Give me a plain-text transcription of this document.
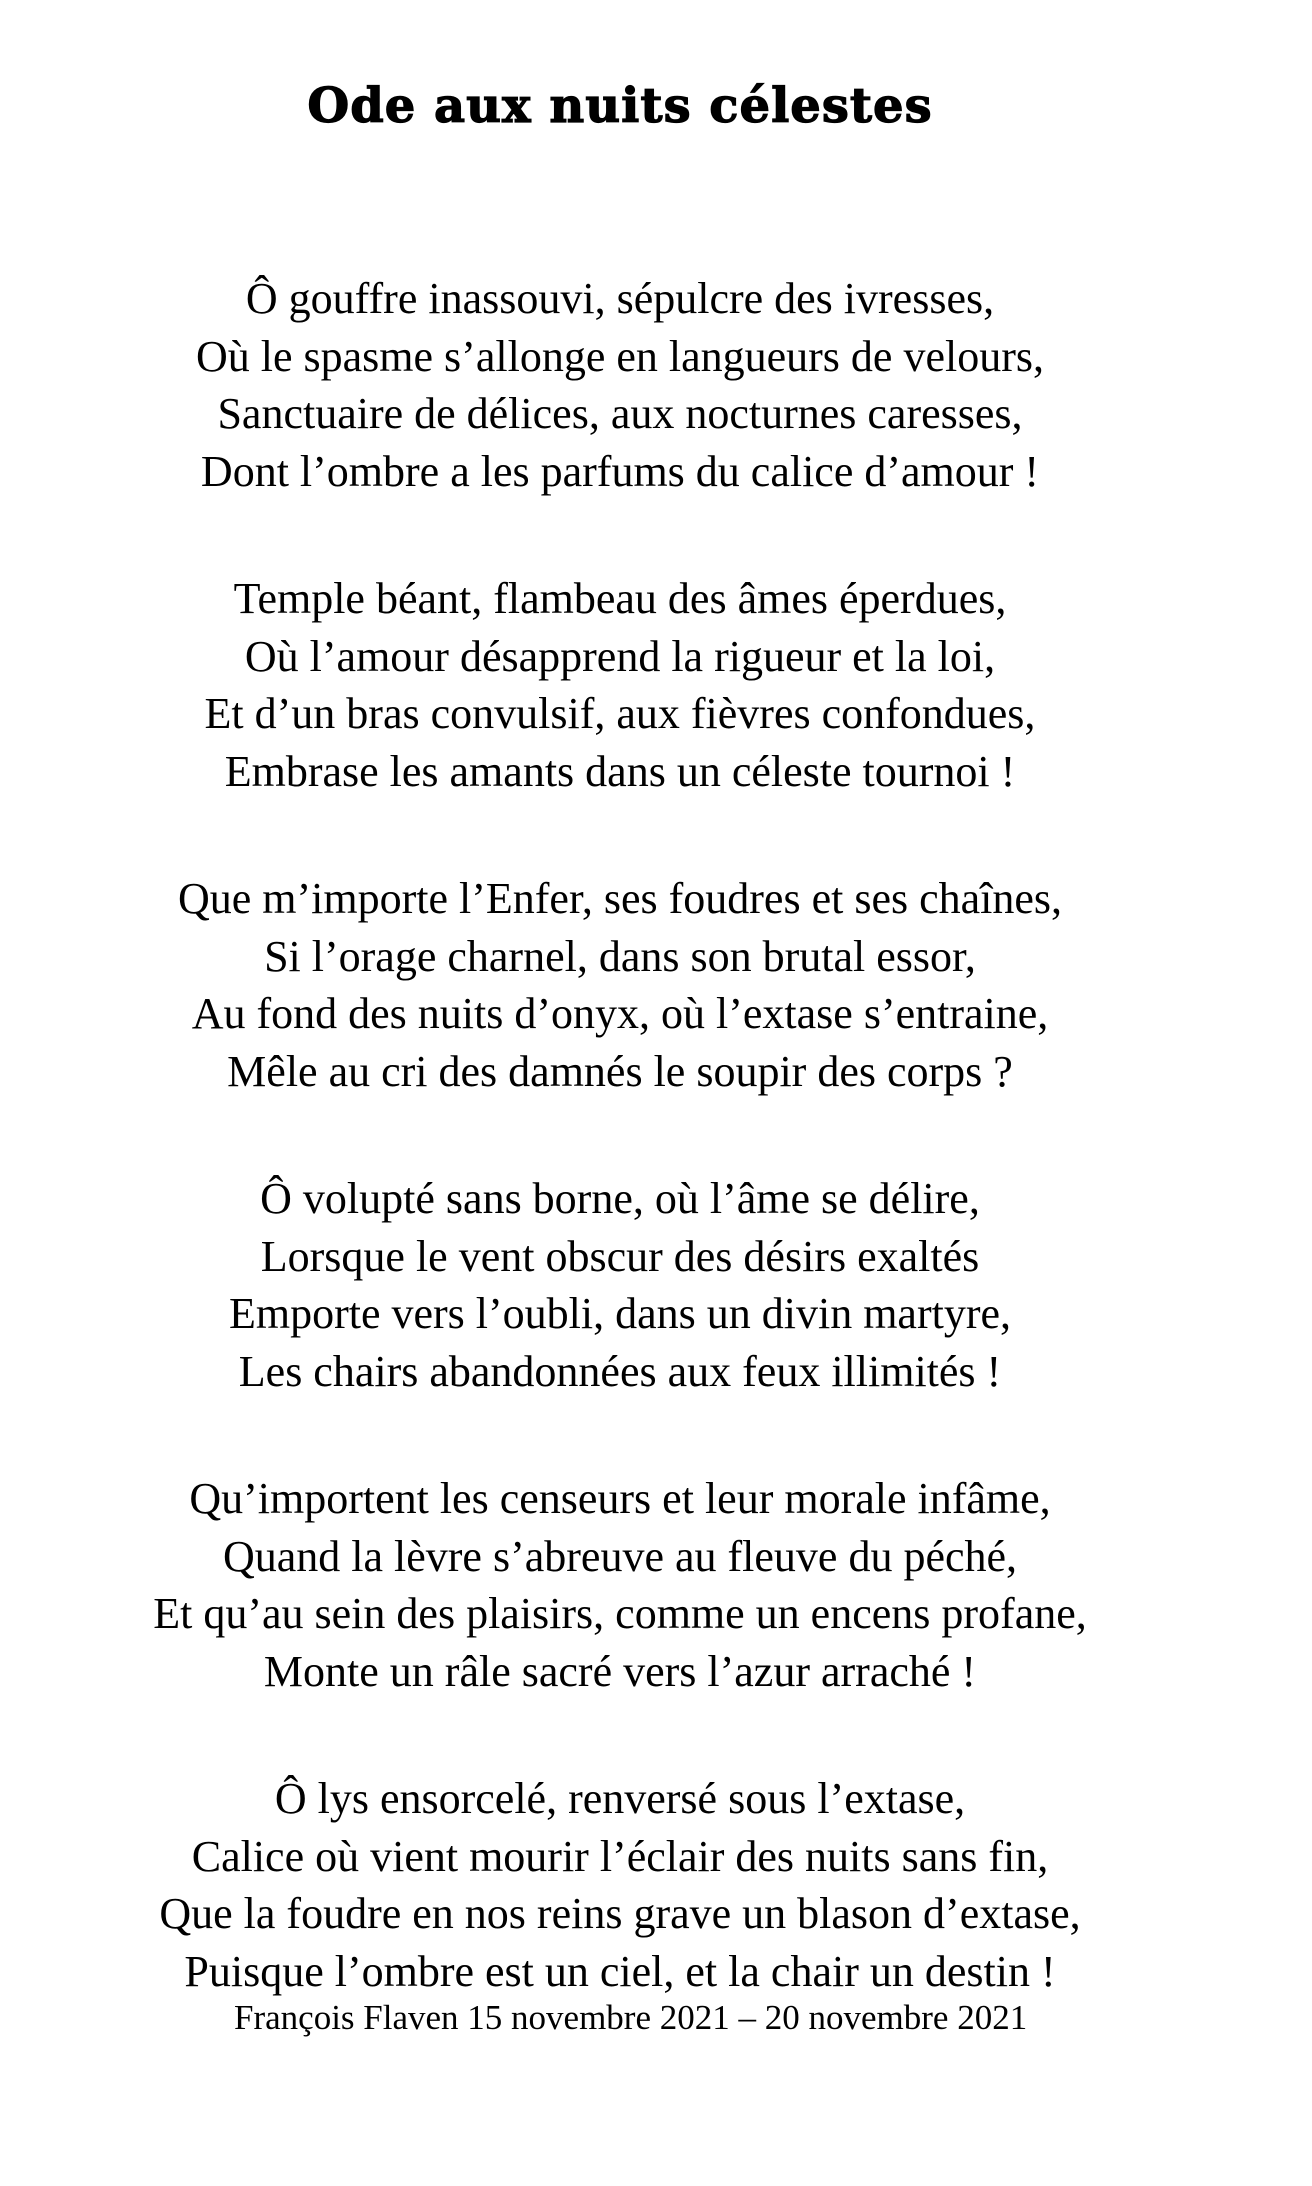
Ode aux nuits célestes
Ô gouffre inassouvi, sépulcre des ivresses,
Où le spasme s’allonge en langueurs de velours,
Sanctuaire de délices, aux nocturnes caresses,
Dont l’ombre a les parfums du calice d’amour !
Temple béant, flambeau des âmes éperdues,
Où l’amour désapprend la rigueur et la loi,
Et d’un bras convulsif, aux fièvres confondues,
Embrase les amants dans un céleste tournoi !
Que m’importe l’Enfer, ses foudres et ses chaînes,
Si l’orage charnel, dans son brutal essor,
Au fond des nuits d’onyx, où l’extase s’entraine,
Mêle au cri des damnés le soupir des corps ?
Ô volupté sans borne, où l’âme se délire,
Lorsque le vent obscur des désirs exaltés
Emporte vers l’oubli, dans un divin martyre,
Les chairs abandonnées aux feux illimités !
Qu’importent les censeurs et leur morale infâme,
Quand la lèvre s’abreuve au fleuve du péché,
Et qu’au sein des plaisirs, comme un encens profane,
Monte un râle sacré vers l’azur arraché !
Ô lys ensorcelé, renversé sous l’extase,
Calice où vient mourir l’éclair des nuits sans fin,
Que la foudre en nos reins grave un blason d’extase,
Puisque l’ombre est un ciel, et la chair un destin !
François Flaven 15 novembre 2021 – 20 novembre 2021
